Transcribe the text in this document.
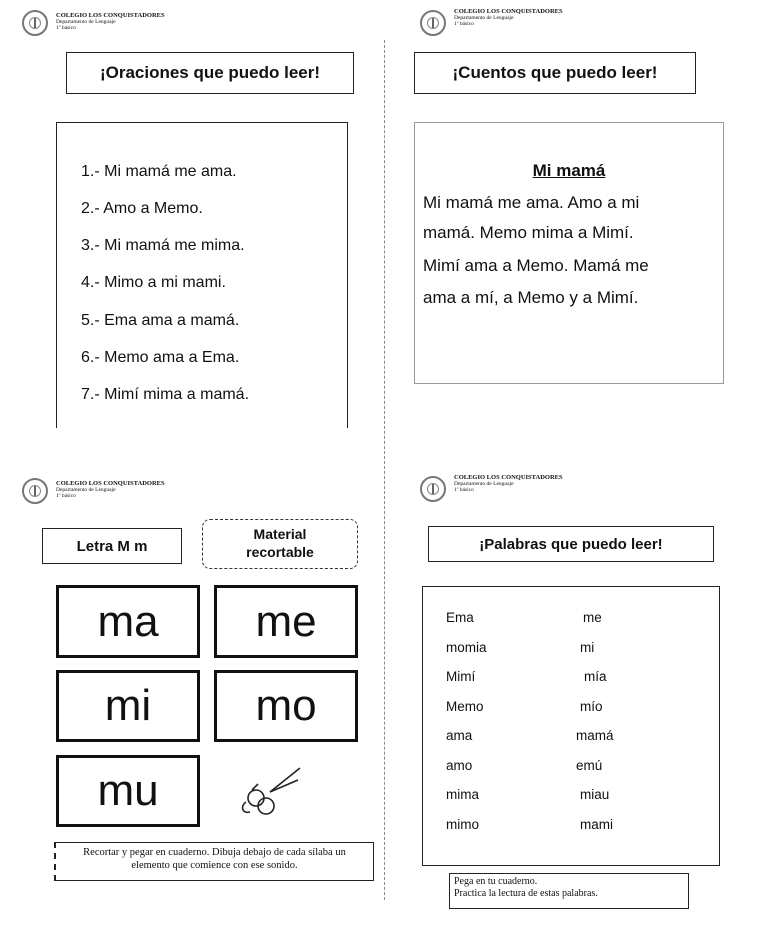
COLEGIO LOS CONQUISTADORES
Departamento de Lenguaje
1º básico
COLEGIO LOS CONQUISTADORES
Departamento de Lenguaje
1º básico
COLEGIO LOS CONQUISTADORES
Departamento de Lenguaje
1º básico
COLEGIO LOS CONQUISTADORES
Departamento de Lenguaje
1º básico
¡Oraciones que puedo leer!
1.- Mi mamá me ama.
2.- Amo a Memo.
3.- Mi mamá me mima.
4.- Mimo a mi mami.
5.- Ema ama a mamá.
6.- Memo ama a Ema.
7.- Mimí mima a mamá.
¡Cuentos que puedo leer!
Mi mamá
Mi mamá me ama. Amo a mi
mamá. Memo mima a Mimí.
Mimí ama a Memo. Mamá me
ama a mí, a Memo y a Mimí.
Letra M m
Material
recortable
ma	me
mi	mo
mu
Recortar y pegar en cuaderno. Dibuja debajo de cada sílaba un
elemento que comience con ese sonido.
¡Palabras que puedo leer!
Ema
momia
Mimí
Memo
ama
amo
mima
mimo
me
mi
mía
mío
mamá
emú
miau
mami
Pega en tu cuaderno.
Practica la lectura de estas palabras.
